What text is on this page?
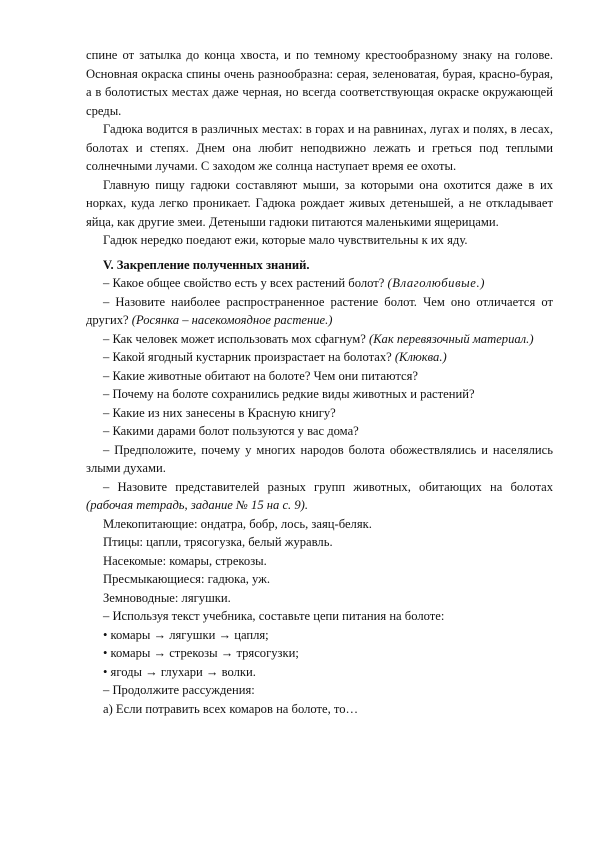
спине от затылка до конца хвоста, и по темному крестообразному знаку на голове. Основная окраска спины очень разнообразна: серая, зеленоватая, бурая, красно-бурая, а в болотистых местах даже черная, но всегда соответствующая окраске окружающей среды.

Гадюка водится в различных местах: в горах и на равнинах, лугах и полях, в лесах, болотах и степях. Днем она любит неподвижно лежать и греться под теплыми солнечными лучами. С заходом же солнца наступает время ее охоты.

Главную пищу гадюки составляют мыши, за которыми она охотится даже в их норках, куда легко проникает. Гадюка рождает живых детенышей, а не откладывает яйца, как другие змеи. Детеныши гадюки питаются маленькими ящерицами.

Гадюк нередко поедают ежи, которые мало чувствительны к их яду.

V. Закрепление полученных знаний.

– Какое общее свойство есть у всех растений болот? (Влаголюбивые.)

– Назовите наиболее распространенное растение болот. Чем оно отличается от других? (Росянка – насекомоядное растение.)

– Как человек может использовать мох сфагнум? (Как перевязочный материал.)

– Какой ягодный кустарник произрастает на болотах? (Клюква.)

– Какие животные обитают на болоте? Чем они питаются?

– Почему на болоте сохранились редкие виды животных и растений?

– Какие из них занесены в Красную книгу?

– Какими дарами болот пользуются у вас дома?

– Предположите, почему у многих народов болота обожествлялись и населялись злыми духами.

– Назовите представителей разных групп животных, обитающих на болотах (рабочая тетрадь, задание № 15 на с. 9).

Млекопитающие: ондатра, бобр, лось, заяц-беляк.

Птицы: цапли, трясогузка, белый журавль.

Насекомые: комары, стрекозы.

Пресмыкающиеся: гадюка, уж.

Земноводные: лягушки.

– Используя текст учебника, составьте цепи питания на болоте:

• комары → лягушки → цапля;

• комары → стрекозы → трясогузки;

• ягоды → глухари → волки.

– Продолжите рассуждения:

а) Если потравить всех комаров на болоте, то…
